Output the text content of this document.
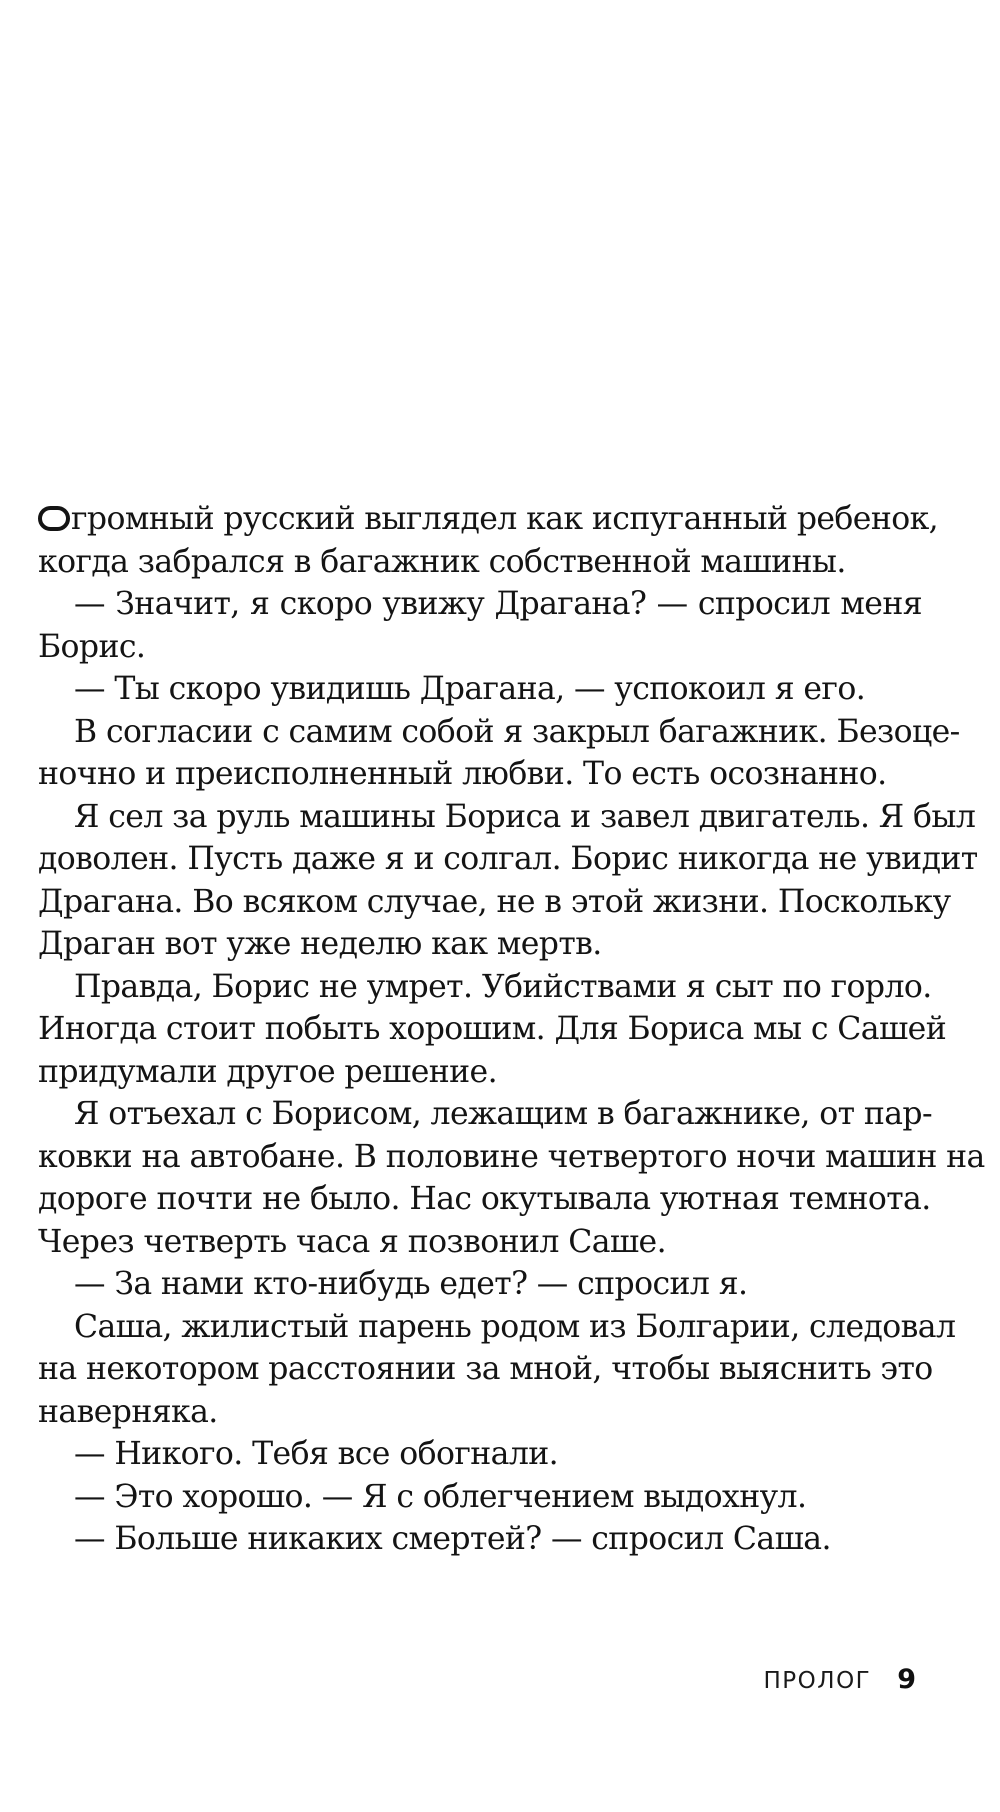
громный русский выглядел как испуганный ребенок,
когда забрался в багажник собственной машины.
— Значит, я скоро увижу Драгана? — спросил меня
Борис.
— Ты скоро увидишь Драгана, — успокоил я его.
В согласии с самим собой я закрыл багажник. Безоце-
ночно и преисполненный любви. То есть осознанно.
Я сел за руль машины Бориса и завел двигатель. Я был
доволен. Пусть даже я и солгал. Борис никогда не увидит
Драгана. Во всяком случае, не в этой жизни. Поскольку
Драган вот уже неделю как мертв.
Правда, Борис не умрет. Убийствами я сыт по горло.
Иногда стоит побыть хорошим. Для Бориса мы с Сашей
придумали другое решение.
Я отъехал с Борисом, лежащим в багажнике, от пар-
ковки на автобане. В половине четвертого ночи машин на
дороге почти не было. Нас окутывала уютная темнота.
Через четверть часа я позвонил Саше.
— За нами кто-нибудь едет? — спросил я.
Саша, жилистый парень родом из Болгарии, следовал
на некотором расстоянии за мной, чтобы выяснить это
наверняка.
— Никого. Тебя все обогнали.
— Это хорошо. — Я с облегчением выдохнул.
— Больше никаких смертей? — спросил Саша.
ПРОЛОГ 9
